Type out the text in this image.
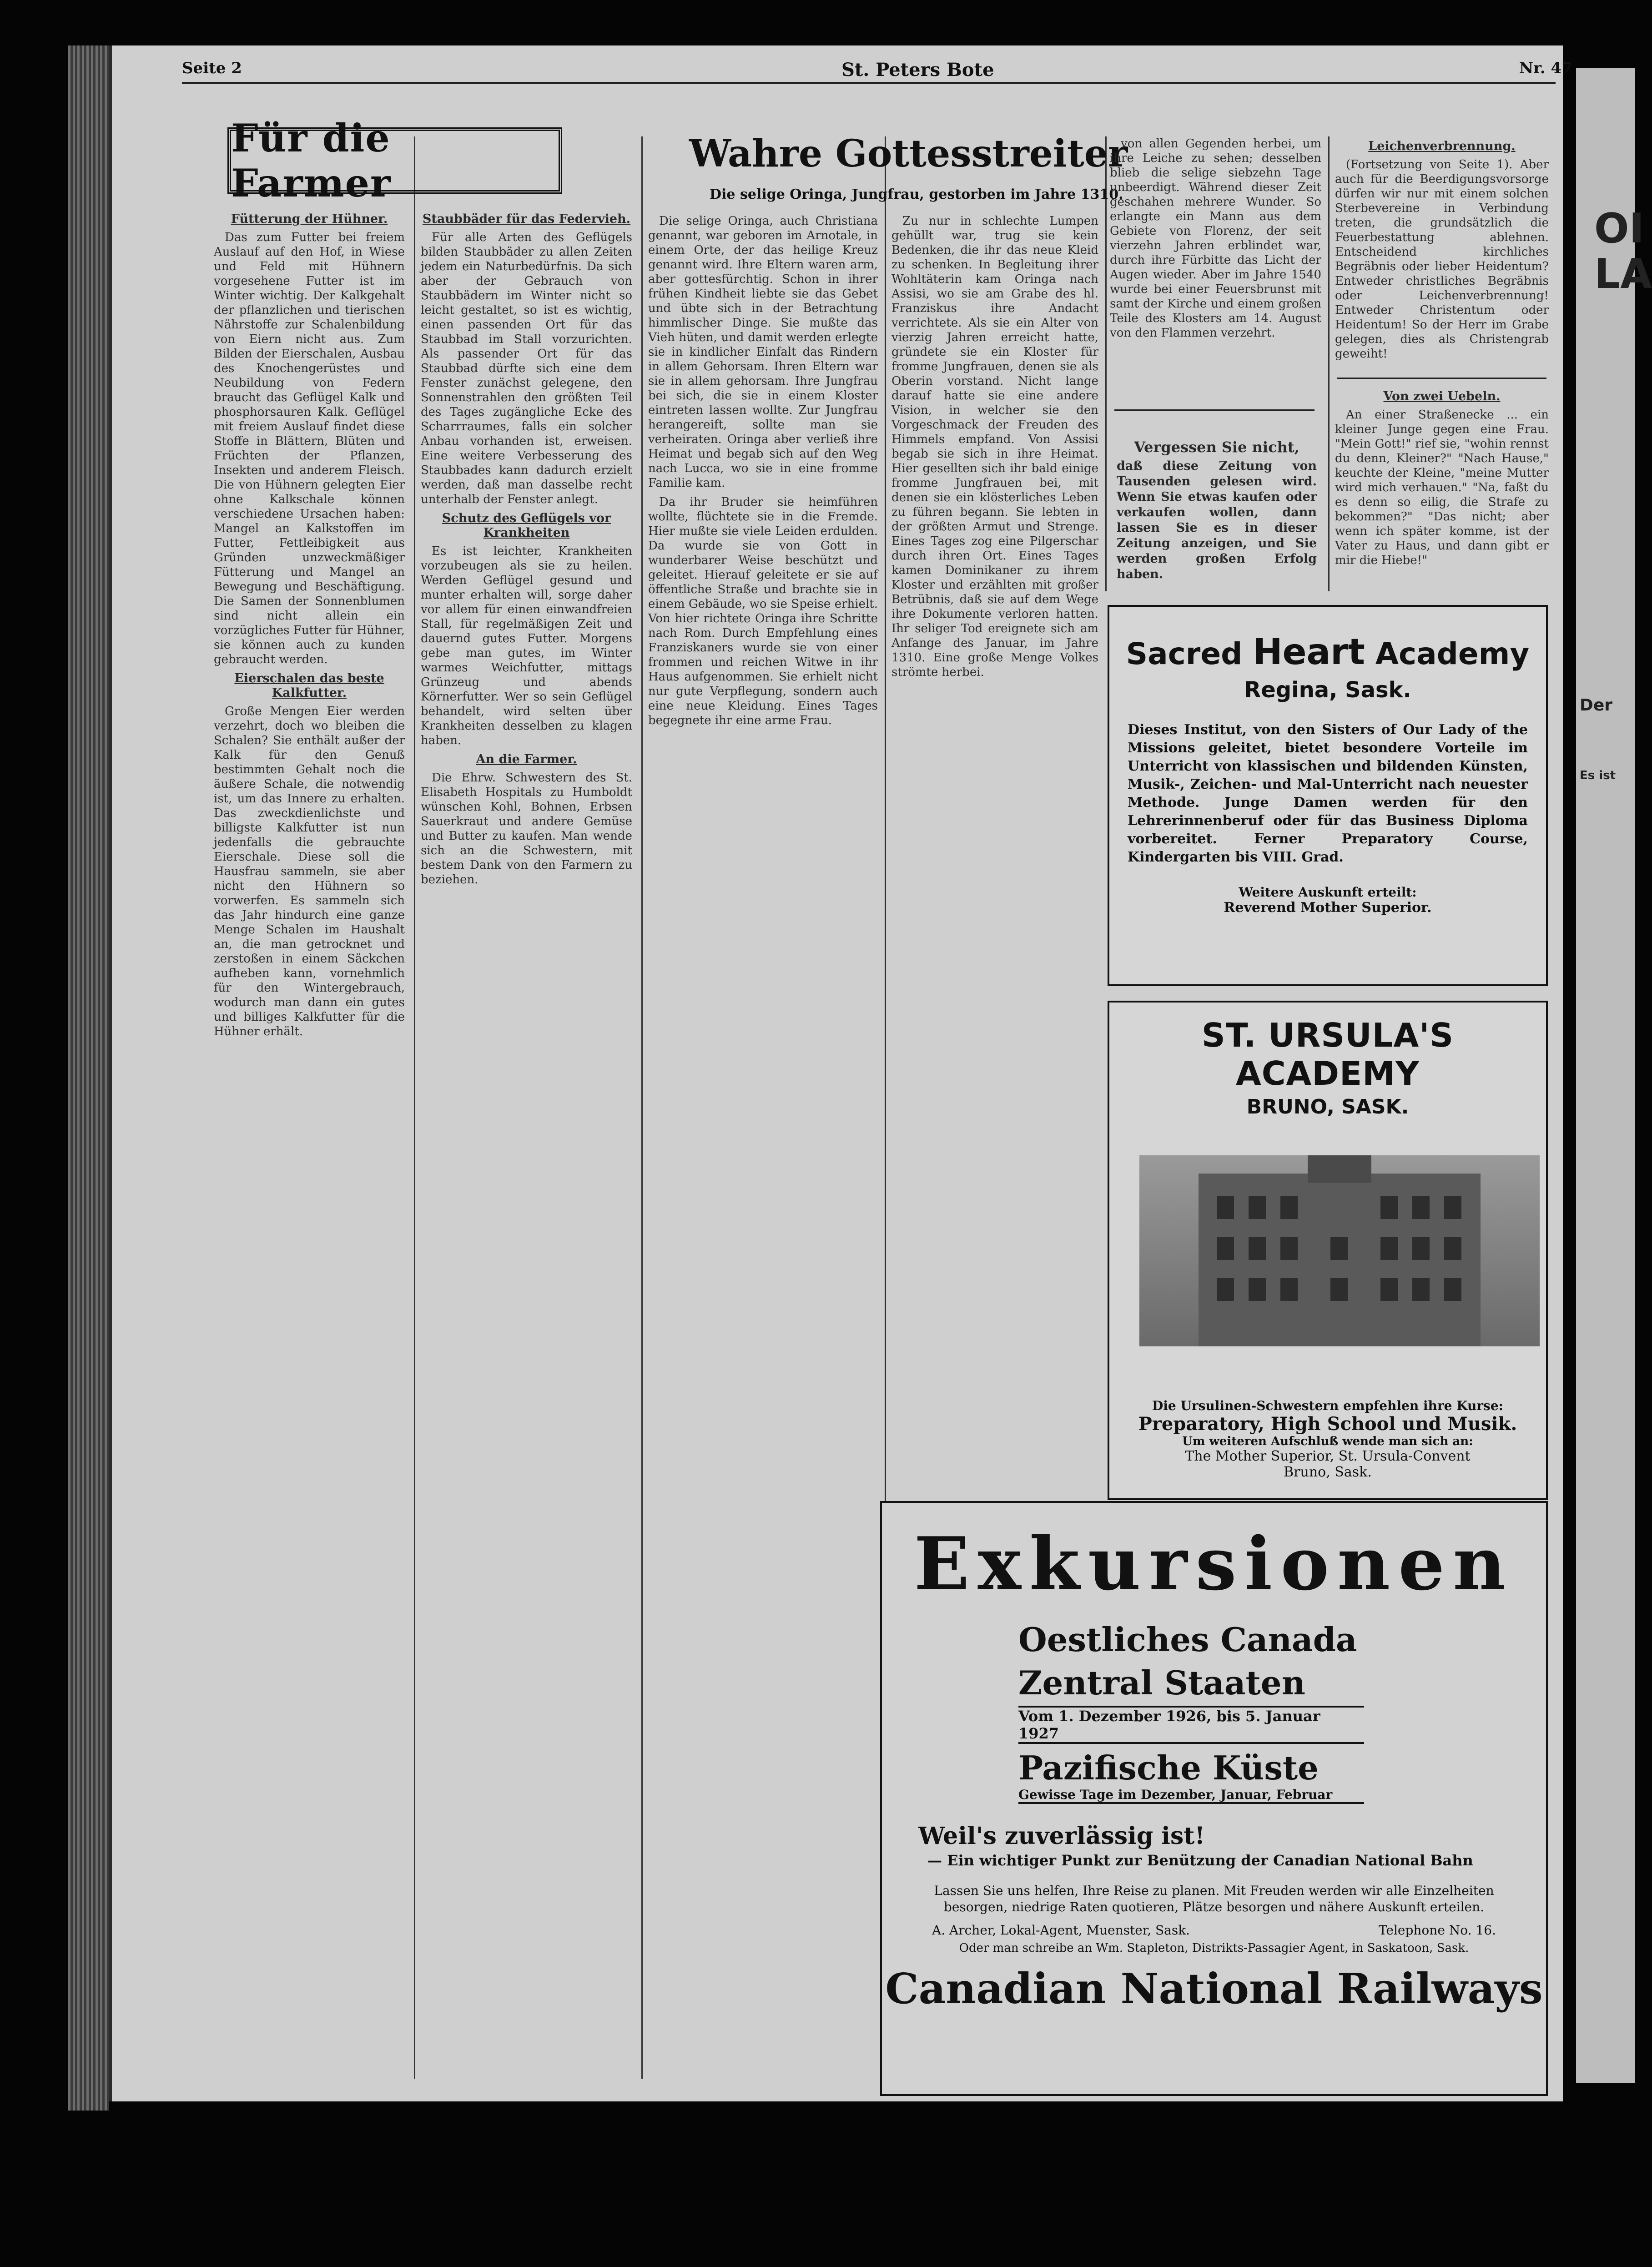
Seite 2	St. Peters Bote	Nr. 47
Für die Farmer
Fütterung der Hühner.

Das zum Futter bei freiem Auslauf auf den Hof, in Wiese und Feld mit Hühnern vorgesehene Futter ist im Winter wichtig. Der Kalkgehalt der pflanzlichen und tierischen Nährstoffe zur Schalenbildung von Eiern nicht aus. Zum Bilden der Eierschalen, Ausbau des Knochengerüstes und Neubildung von Federn braucht das Geflügel Kalk und phosphorsauren Kalk. Geflügel mit freiem Auslauf findet diese Stoffe in Blättern, Blüten und Früchten der Pflanzen, Insekten und anderem Fleisch. Die von Hühnern gelegten Eier ohne Kalkschale können verschiedene Ursachen haben: Mangel an Kalkstoffen im Futter, Fettleibigkeit aus Gründen unzweckmäßiger Fütterung und Mangel an Bewegung und Beschäftigung. Die Samen der Sonnenblumen sind nicht allein ein vorzügliches Futter für Hühner, sie können auch zu kunden gebraucht werden.

Eierschalen das beste Kalkfutter.

Große Mengen Eier werden verzehrt, doch wo bleiben die Schalen? Sie enthält außer der Kalk für den Genuß bestimmten Gehalt noch die äußere Schale, die notwendig ist, um das Innere zu erhalten. Das zweckdienlichste und billigste Kalkfutter ist nun jedenfalls die gebrauchte Eierschale. Diese soll die Hausfrau sammeln, sie aber nicht den Hühnern so vorwerfen. Es sammeln sich das Jahr hindurch eine ganze Menge Schalen im Haushalt an, die man getrocknet und zerstoßen in einem Säckchen aufheben kann, vornehmlich für den Wintergebrauch, wodurch man dann ein gutes und billiges Kalkfutter für die Hühner erhält.

Staubbäder für das Federvieh.

Für alle Arten des Geflügels bilden Staubbäder zu allen Zeiten jedem ein Naturbedürfnis. Da sich aber der Gebrauch von Staubbädern im Winter nicht so leicht gestaltet, so ist es wichtig, einen passenden Ort für das Staubbad im Stall vorzurichten. Als passender Ort für das Staubbad dürfte sich eine dem Fenster zunächst gelegene, den Sonnenstrahlen den größten Teil des Tages zugängliche Ecke des Scharrraumes, falls ein solcher Anbau vorhanden ist, erweisen. Eine weitere Verbesserung des Staubbades kann dadurch erzielt werden, daß man dasselbe recht unterhalb der Fenster anlegt.

Schutz des Geflügels vor Krankheiten

Es ist leichter, Krankheiten vorzubeugen als sie zu heilen. Werden Geflügel gesund und munter erhalten will, sorge daher vor allem für einen einwandfreien Stall, für regelmäßigen Zeit und dauernd gutes Futter. Morgens gebe man gutes, im Winter warmes Weichfutter, mittags Grünzeug und abends Körnerfutter. Wer so sein Geflügel behandelt, wird selten über Krankheiten desselben zu klagen haben.

An die Farmer.

Die Ehrw. Schwestern des St. Elisabeth Hospitals zu Humboldt wünschen Kohl, Bohnen, Erbsen Sauerkraut und andere Gemüse und Butter zu kaufen. Man wende sich an die Schwestern, mit bestem Dank von den Farmern zu beziehen.

Wahre Gottesstreiter
Die selige Oringa, Jungfrau, gestorben im Jahre 1310.

Die selige Oringa, auch Christiana genannt, war geboren im Arnotale, in einem Orte, der das heilige Kreuz genannt wird. Ihre Eltern waren arm, aber gottesfürchtig. Schon in ihrer frühen Kindheit liebte sie das Gebet und übte sich in der Betrachtung himmlischer Dinge. Sie mußte das Vieh hüten, und damit werden erlegte sie in kindlicher Einfalt das Rindern in allem Gehorsam. Ihren Eltern war sie in allem gehorsam. Ihre Jungfrau bei sich, die sie in einem Kloster eintreten lassen wollte. Zur Jungfrau herangereift, sollte man sie verheiraten. Oringa aber verließ ihre Heimat und begab sich auf den Weg nach Lucca, wo sie in eine fromme Familie kam.

Da ihr Bruder sie heimführen wollte, flüchtete sie in die Fremde. Hier mußte sie viele Leiden erdulden. Da wurde sie von Gott in wunderbarer Weise beschützt und geleitet. Hierauf geleitete er sie auf öffentliche Straße und brachte sie in einem Gebäude, wo sie Speise erhielt. Von hier richtete Oringa ihre Schritte nach Rom. Durch Empfehlung eines Franziskaners wurde sie von einer frommen und reichen Witwe in ihr Haus aufgenommen. Sie erhielt nicht nur gute Verpflegung, sondern auch eine neue Kleidung. Eines Tages begegnete ihr eine arme Frau.

Zu nur in schlechte Lumpen gehüllt war, trug sie kein Bedenken, die ihr das neue Kleid zu schenken. In Begleitung ihrer Wohltäterin kam Oringa nach Assisi, wo sie am Grabe des hl. Franziskus ihre Andacht verrichtete. Als sie ein Alter von vierzig Jahren erreicht hatte, gründete sie ein Kloster für fromme Jungfrauen, denen sie als Oberin vorstand. Nicht lange darauf hatte sie eine andere Vision, in welcher sie den Vorgeschmack der Freuden des Himmels empfand. Von Assisi begab sie sich in ihre Heimat. Hier gesellten sich ihr bald einige fromme Jungfrauen bei, mit denen sie ein klösterliches Leben zu führen begann. Sie lebten in der größten Armut und Strenge. Eines Tages zog eine Pilgerschar durch ihren Ort. Eines Tages kamen Dominikaner zu ihrem Kloster und erzählten mit großer Betrübnis, daß sie auf dem Wege ihre Dokumente verloren hatten. Ihr seliger Tod ereignete sich am Anfange des Januar, im Jahre 1310. Eine große Menge Volkes strömte herbei.

von allen Gegenden herbei, um ihre Leiche zu sehen; desselben blieb die selige siebzehn Tage unbeerdigt. Während dieser Zeit geschahen mehrere Wunder. So erlangte ein Mann aus dem Gebiete von Florenz, der seit vierzehn Jahren erblindet war, durch ihre Fürbitte das Licht der Augen wieder. Aber im Jahre 1540 wurde bei einer Feuersbrunst mit samt der Kirche und einem großen Teile des Klosters am 14. August von den Flammen verzehrt.

Leichenverbrennung.

(Fortsetzung von Seite 1). Aber auch für die Beerdigungsvorsorge dürfen wir nur mit einem solchen Sterbevereine in Verbindung treten, die grundsätzlich die Feuerbestattung ablehnen. Entscheidend kirchliches Begräbnis oder lieber Heidentum? Entweder christliches Begräbnis oder Leichenverbrennung! Entweder Christentum oder Heidentum! So der Herr im Grabe gelegen, dies als Christengrab geweiht!

Von zwei Uebeln.

An einer Straßenecke ... ein kleiner Junge gegen eine Frau. "Mein Gott!" rief sie, "wohin rennst du denn, Kleiner?" "Nach Hause," keuchte der Kleine, "meine Mutter wird mich verhauen." "Na, faßt du es denn so eilig, die Strafe zu bekommen?" "Das nicht; aber wenn ich später komme, ist der Vater zu Haus, und dann gibt er mir die Hiebe!"

Vergessen Sie nicht,

daß diese Zeitung von Tausenden gelesen wird. Wenn Sie etwas kaufen oder verkaufen wollen, dann lassen Sie es in dieser Zeitung anzeigen, und Sie werden großen Erfolg haben.

Sacred Heart Academy
Regina, Sask.
Dieses Institut, von den Sisters of Our Lady of the Missions geleitet, bietet besondere Vorteile im Unterricht von klassischen und bildenden Künsten, Musik-, Zeichen- und Mal-Unterricht nach neuester Methode. Junge Damen werden für den Lehrerinnenberuf oder für das Business Diploma vorbereitet. Ferner Preparatory Course, Kindergarten bis VIII. Grad.
Weitere Auskunft erteilt:
Reverend Mother Superior.
ST. URSULA'S ACADEMY
BRUNO, SASK.
Die Ursulinen-Schwestern empfehlen ihre Kurse:
Preparatory, High School und Musik.
Um weiteren Aufschluß wende man sich an:
The Mother Superior, St. Ursula-Convent
Bruno, Sask.
Exkursionen
Oestliches Canada
Zentral Staaten
Vom 1. Dezember 1926, bis 5. Januar 1927
Pazifische Küste
Gewisse Tage im Dezember, Januar, Februar
Weil's zuverlässig ist!
— Ein wichtiger Punkt zur Benützung der Canadian National Bahn
Lassen Sie uns helfen, Ihre Reise zu planen. Mit Freuden werden wir alle Einzelheiten besorgen, niedrige Raten quotieren, Plätze besorgen und nähere Auskunft erteilen.
A. Archer, Lokal-Agent, Muenster, Sask.	Telephone No. 16.
Oder man schreibe an Wm. Stapleton, Distrikts-Passagier Agent, in Saskatoon, Sask.
Canadian National Railways
OI
LA
Der
Es ist
